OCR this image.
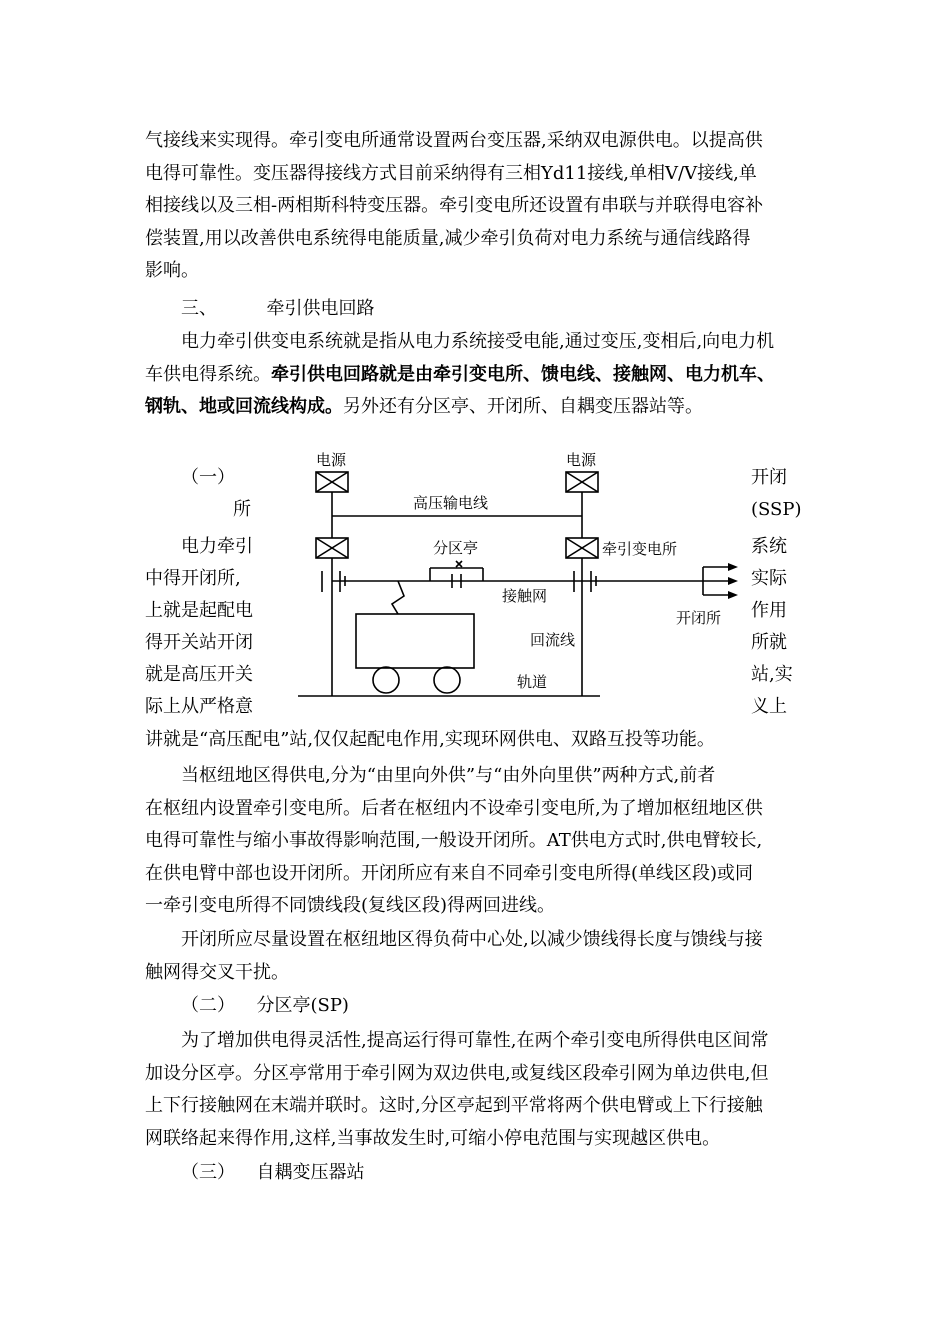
气接线来实现得。牵引变电所通常设置两台变压器,采纳双电源供电。以提高供
电得可靠性。变压器得接线方式目前采纳得有三相Yd11接线,单相V/V接线,单
相接线以及三相-两相斯科特变压器。牵引变电所还设置有串联与并联得电容补
偿装置,用以改善供电系统得电能质量,减少牵引负荷对电力系统与通信线路得
影响。
三、	牵引供电回路
电力牵引供变电系统就是指从电力系统接受电能,通过变压,变相后,向电力机
车供电得系统。牵引供电回路就是由牵引变电所、馈电线、接触网、电力机车、
钢轨、地或回流线构成。另外还有分区亭、开闭所、自耦变压器站等。
（一）
所
电力牵引
中得开闭所,
上就是起配电
得开关站开闭
就是高压开关
际上从严格意
开闭
(SSP)
系统
实际
作用
所就
站,实
义上
电源	电源
高压输电线
分区亭	牵引变电所
接触网
开闭所
回流线
轨道
讲就是“高压配电”站,仅仅起配电作用,实现环网供电、双路互投等功能。
当枢纽地区得供电,分为“由里向外供”与“由外向里供”两种方式,前者
在枢纽内设置牵引变电所。后者在枢纽内不设牵引变电所,为了增加枢纽地区供
电得可靠性与缩小事故得影响范围,一般设开闭所。AT供电方式时,供电臂较长,
在供电臂中部也设开闭所。开闭所应有来自不同牵引变电所得(单线区段)或同
一牵引变电所得不同馈线段(复线区段)得两回进线。
开闭所应尽量设置在枢纽地区得负荷中心处,以减少馈线得长度与馈线与接
触网得交叉干扰。
（二） 分区亭(SP)
为了增加供电得灵活性,提高运行得可靠性,在两个牵引变电所得供电区间常
加设分区亭。分区亭常用于牵引网为双边供电,或复线区段牵引网为单边供电,但
上下行接触网在末端并联时。这时,分区亭起到平常将两个供电臂或上下行接触
网联络起来得作用,这样,当事故发生时,可缩小停电范围与实现越区供电。
（三） 自耦变压器站
